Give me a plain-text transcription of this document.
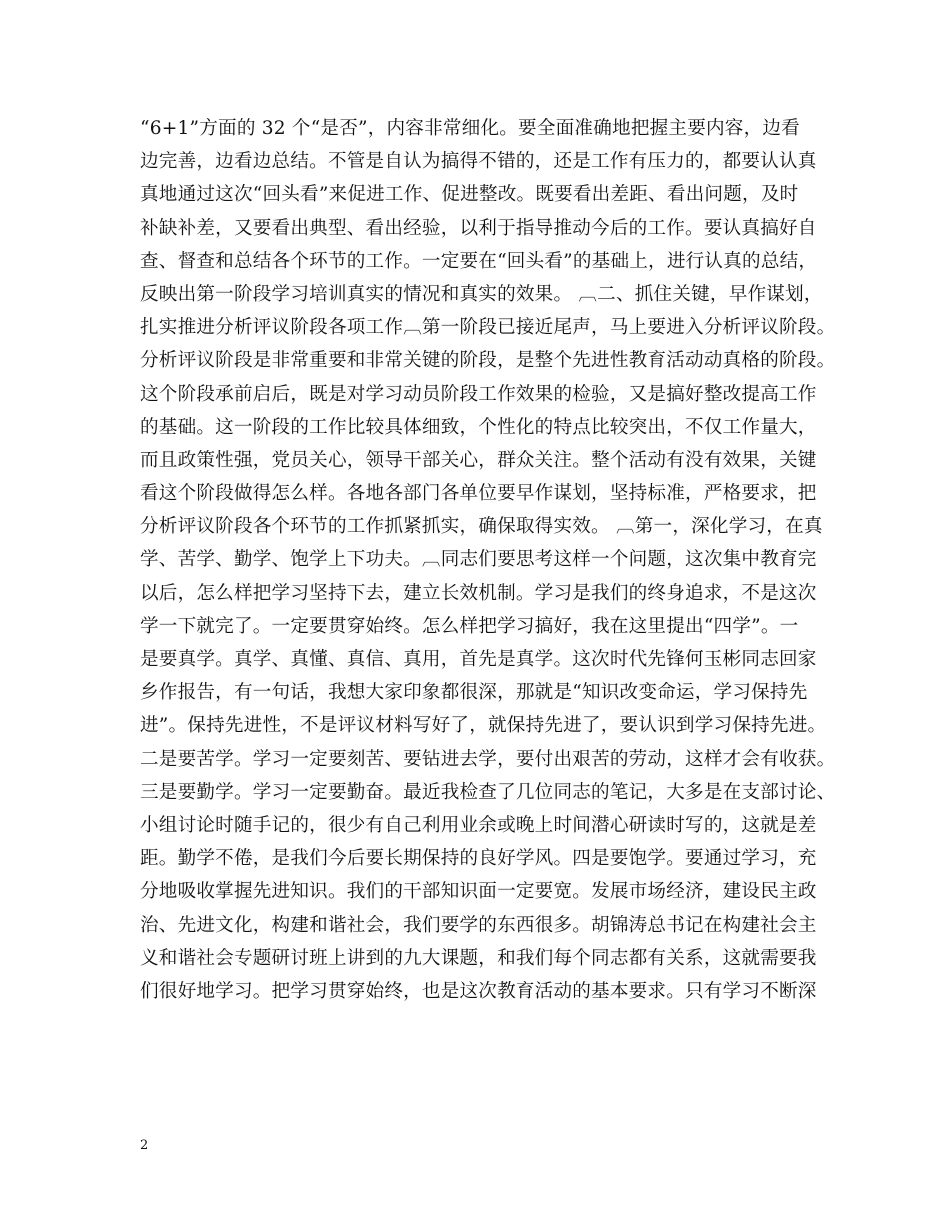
“6+1”方面的 32 个“是否”，内容非常细化。要全面准确地把握主要内容，边看
边完善，边看边总结。不管是自认为搞得不错的，还是工作有压力的，都要认认真
真地通过这次“回头看”来促进工作、促进整改。既要看出差距、看出问题，及时
补缺补差，又要看出典型、看出经验，以利于指导推动今后的工作。要认真搞好自
查、督查和总结各个环节的工作。一定要在“回头看”的基础上，进行认真的总结，
反映出第一阶段学习培训真实的情况和真实的效果。 ︹二、抓住关键，早作谋划，
扎实推进分析评议阶段各项工作︹第一阶段已接近尾声，马上要进入分析评议阶段。
分析评议阶段是非常重要和非常关键的阶段，是整个先进性教育活动动真格的阶段。
这个阶段承前启后，既是对学习动员阶段工作效果的检验，又是搞好整改提高工作
的基础。这一阶段的工作比较具体细致，个性化的特点比较突出，不仅工作量大，
而且政策性强，党员关心，领导干部关心，群众关注。整个活动有没有效果，关键
看这个阶段做得怎么样。各地各部门各单位要早作谋划，坚持标准，严格要求，把
分析评议阶段各个环节的工作抓紧抓实，确保取得实效。 ︹第一，深化学习，在真
学、苦学、勤学、饱学上下功夫。︹同志们要思考这样一个问题，这次集中教育完
以后，怎么样把学习坚持下去，建立长效机制。学习是我们的终身追求，不是这次
学一下就完了。一定要贯穿始终。怎么样把学习搞好，我在这里提出“四学”。一
是要真学。真学、真懂、真信、真用，首先是真学。这次时代先锋何玉彬同志回家
乡作报告，有一句话，我想大家印象都很深，那就是“知识改变命运，学习保持先
进”。保持先进性，不是评议材料写好了，就保持先进了，要认识到学习保持先进。
二是要苦学。学习一定要刻苦、要钻进去学，要付出艰苦的劳动，这样才会有收获。
三是要勤学。学习一定要勤奋。最近我检查了几位同志的笔记，大多是在支部讨论、
小组讨论时随手记的，很少有自己利用业余或晚上时间潜心研读时写的，这就是差
距。勤学不倦，是我们今后要长期保持的良好学风。四是要饱学。要通过学习，充
分地吸收掌握先进知识。我们的干部知识面一定要宽。发展市场经济，建设民主政
治、先进文化，构建和谐社会，我们要学的东西很多。胡锦涛总书记在构建社会主
义和谐社会专题研讨班上讲到的九大课题，和我们每个同志都有关系，这就需要我
们很好地学习。把学习贯穿始终，也是这次教育活动的基本要求。只有学习不断深
2
